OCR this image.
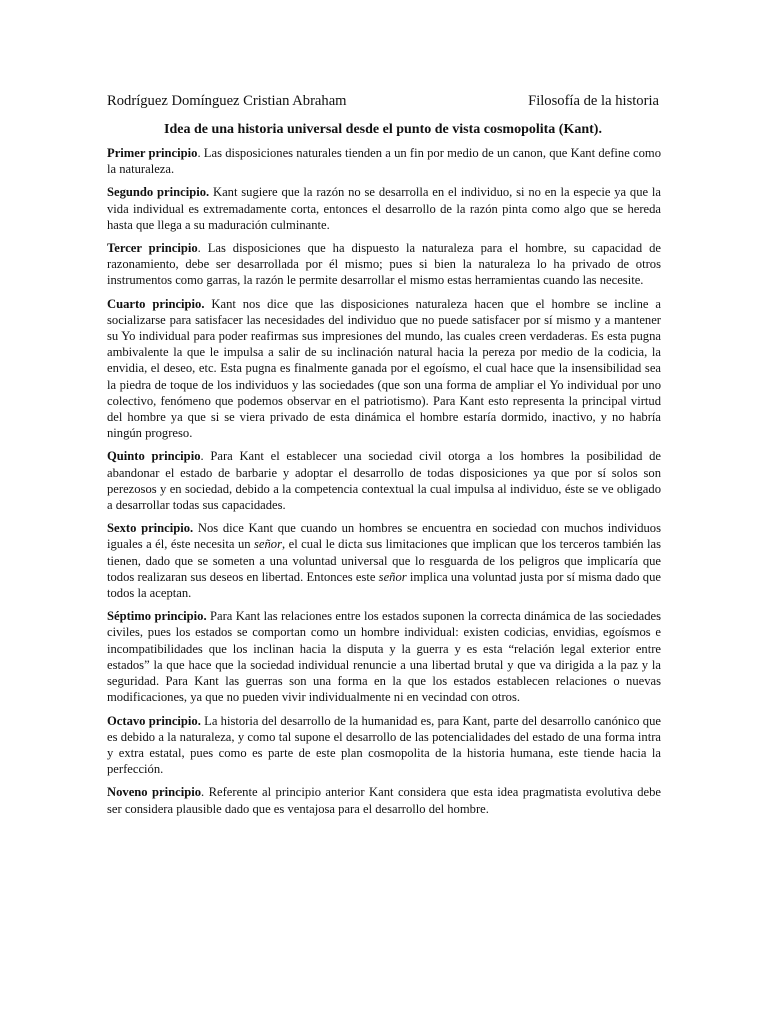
Rodríguez Domínguez Cristian Abraham	Filosofía de la historia
Idea de una historia universal desde el punto de vista cosmopolita (Kant).

Primer principio. Las disposiciones naturales tienden a un fin por medio de un canon, que Kant define como la naturaleza.

Segundo principio. Kant sugiere que la razón no se desarrolla en el individuo, si no en la especie ya que la vida individual es extremadamente corta, entonces el desarrollo de la razón pinta como algo que se hereda hasta que llega a su maduración culminante.

Tercer principio. Las disposiciones que ha dispuesto la naturaleza para el hombre, su capacidad de razonamiento, debe ser desarrollada por él mismo; pues si bien la naturaleza lo ha privado de otros instrumentos como garras, la razón le permite desarrollar el mismo estas herramientas cuando las necesite.

Cuarto principio. Kant nos dice que las disposiciones naturaleza hacen que el hombre se incline a socializarse para satisfacer las necesidades del individuo que no puede satisfacer por sí mismo y a mantener su Yo individual para poder reafirmas sus impresiones del mundo, las cuales creen verdaderas. Es esta pugna ambivalente la que le impulsa a salir de su inclinación natural hacia la pereza por medio de la codicia, la envidia, el deseo, etc. Esta pugna es finalmente ganada por el egoísmo, el cual hace que la insensibilidad sea la piedra de toque de los individuos y las sociedades (que son una forma de ampliar el Yo individual por uno colectivo, fenómeno que podemos observar en el patriotismo). Para Kant esto representa la principal virtud del hombre ya que si se viera privado de esta dinámica el hombre estaría dormido, inactivo, y no habría ningún progreso.

Quinto principio. Para Kant el establecer una sociedad civil otorga a los hombres la posibilidad de abandonar el estado de barbarie y adoptar el desarrollo de todas disposiciones ya que por sí solos son perezosos y en sociedad, debido a la competencia contextual la cual impulsa al individuo, éste se ve obligado a desarrollar todas sus capacidades.

Sexto principio. Nos dice Kant que cuando un hombres se encuentra en sociedad con muchos individuos iguales a él, éste necesita un señor, el cual le dicta sus limitaciones que implican que los terceros también las tienen, dado que se someten a una voluntad universal que lo resguarda de los peligros que implicaría que todos realizaran sus deseos en libertad. Entonces este señor implica una voluntad justa por sí misma dado que todos la aceptan.

Séptimo principio. Para Kant las relaciones entre los estados suponen la correcta dinámica de las sociedades civiles, pues los estados se comportan como un hombre individual: existen codicias, envidias, egoísmos e incompatibilidades que los inclinan hacia la disputa y la guerra y es esta “relación legal exterior entre estados” la que hace que la sociedad individual renuncie a una libertad brutal y que va dirigida a la paz y la seguridad. Para Kant las guerras son una forma en la que los estados establecen relaciones o nuevas modificaciones, ya que no pueden vivir individualmente ni en vecindad con otros.

Octavo principio. La historia del desarrollo de la humanidad es, para Kant, parte del desarrollo canónico que es debido a la naturaleza, y como tal supone el desarrollo de las potencialidades del estado de una forma intra y extra estatal, pues como es parte de este plan cosmopolita de la historia humana, este tiende hacia la perfección.

Noveno principio. Referente al principio anterior Kant considera que esta idea pragmatista evolutiva debe ser considera plausible dado que es ventajosa para el desarrollo del hombre.
